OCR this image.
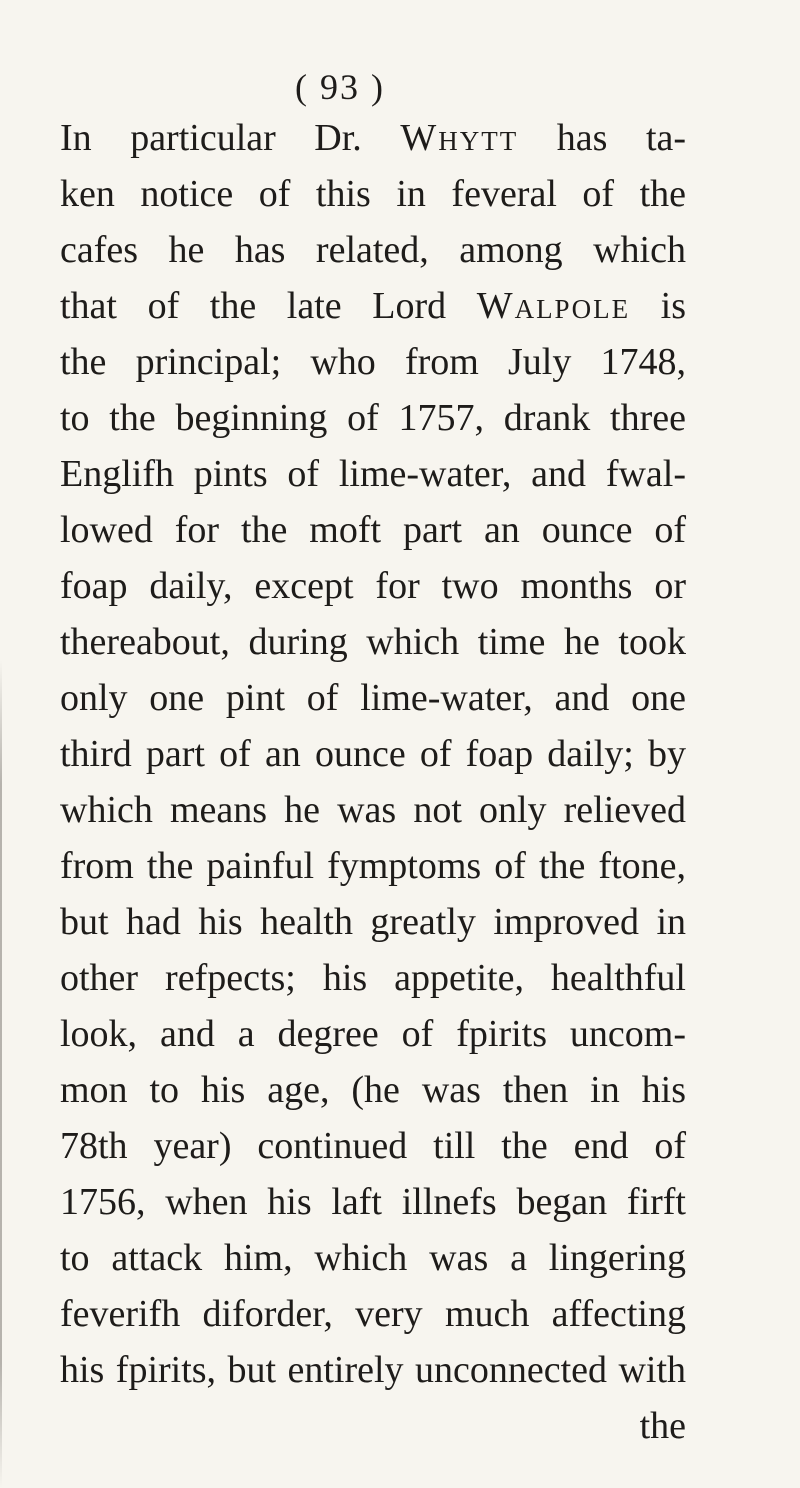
( 93 )
In particular Dr. Whytt has ta-
ken notice of this in feveral of the
cafes he has related, among which
that of the late Lord Walpole is
the principal; who from July 1748,
to the beginning of 1757, drank three
Englifh pints of lime-water, and fwal-
lowed for the moft part an ounce of
foap daily, except for two months or
thereabout, during which time he took
only one pint of lime-water, and one
third part of an ounce of foap daily; by
which means he was not only relieved
from the painful fymptoms of the ftone,
but had his health greatly improved in
other refpects; his appetite, healthful
look, and a degree of fpirits uncom-
mon to his age, (he was then in his
78th year) continued till the end of
1756, when his laft illnefs began firft
to attack him, which was a lingering
feverifh diforder, very much affecting
his fpirits, but entirely unconnected with
the
